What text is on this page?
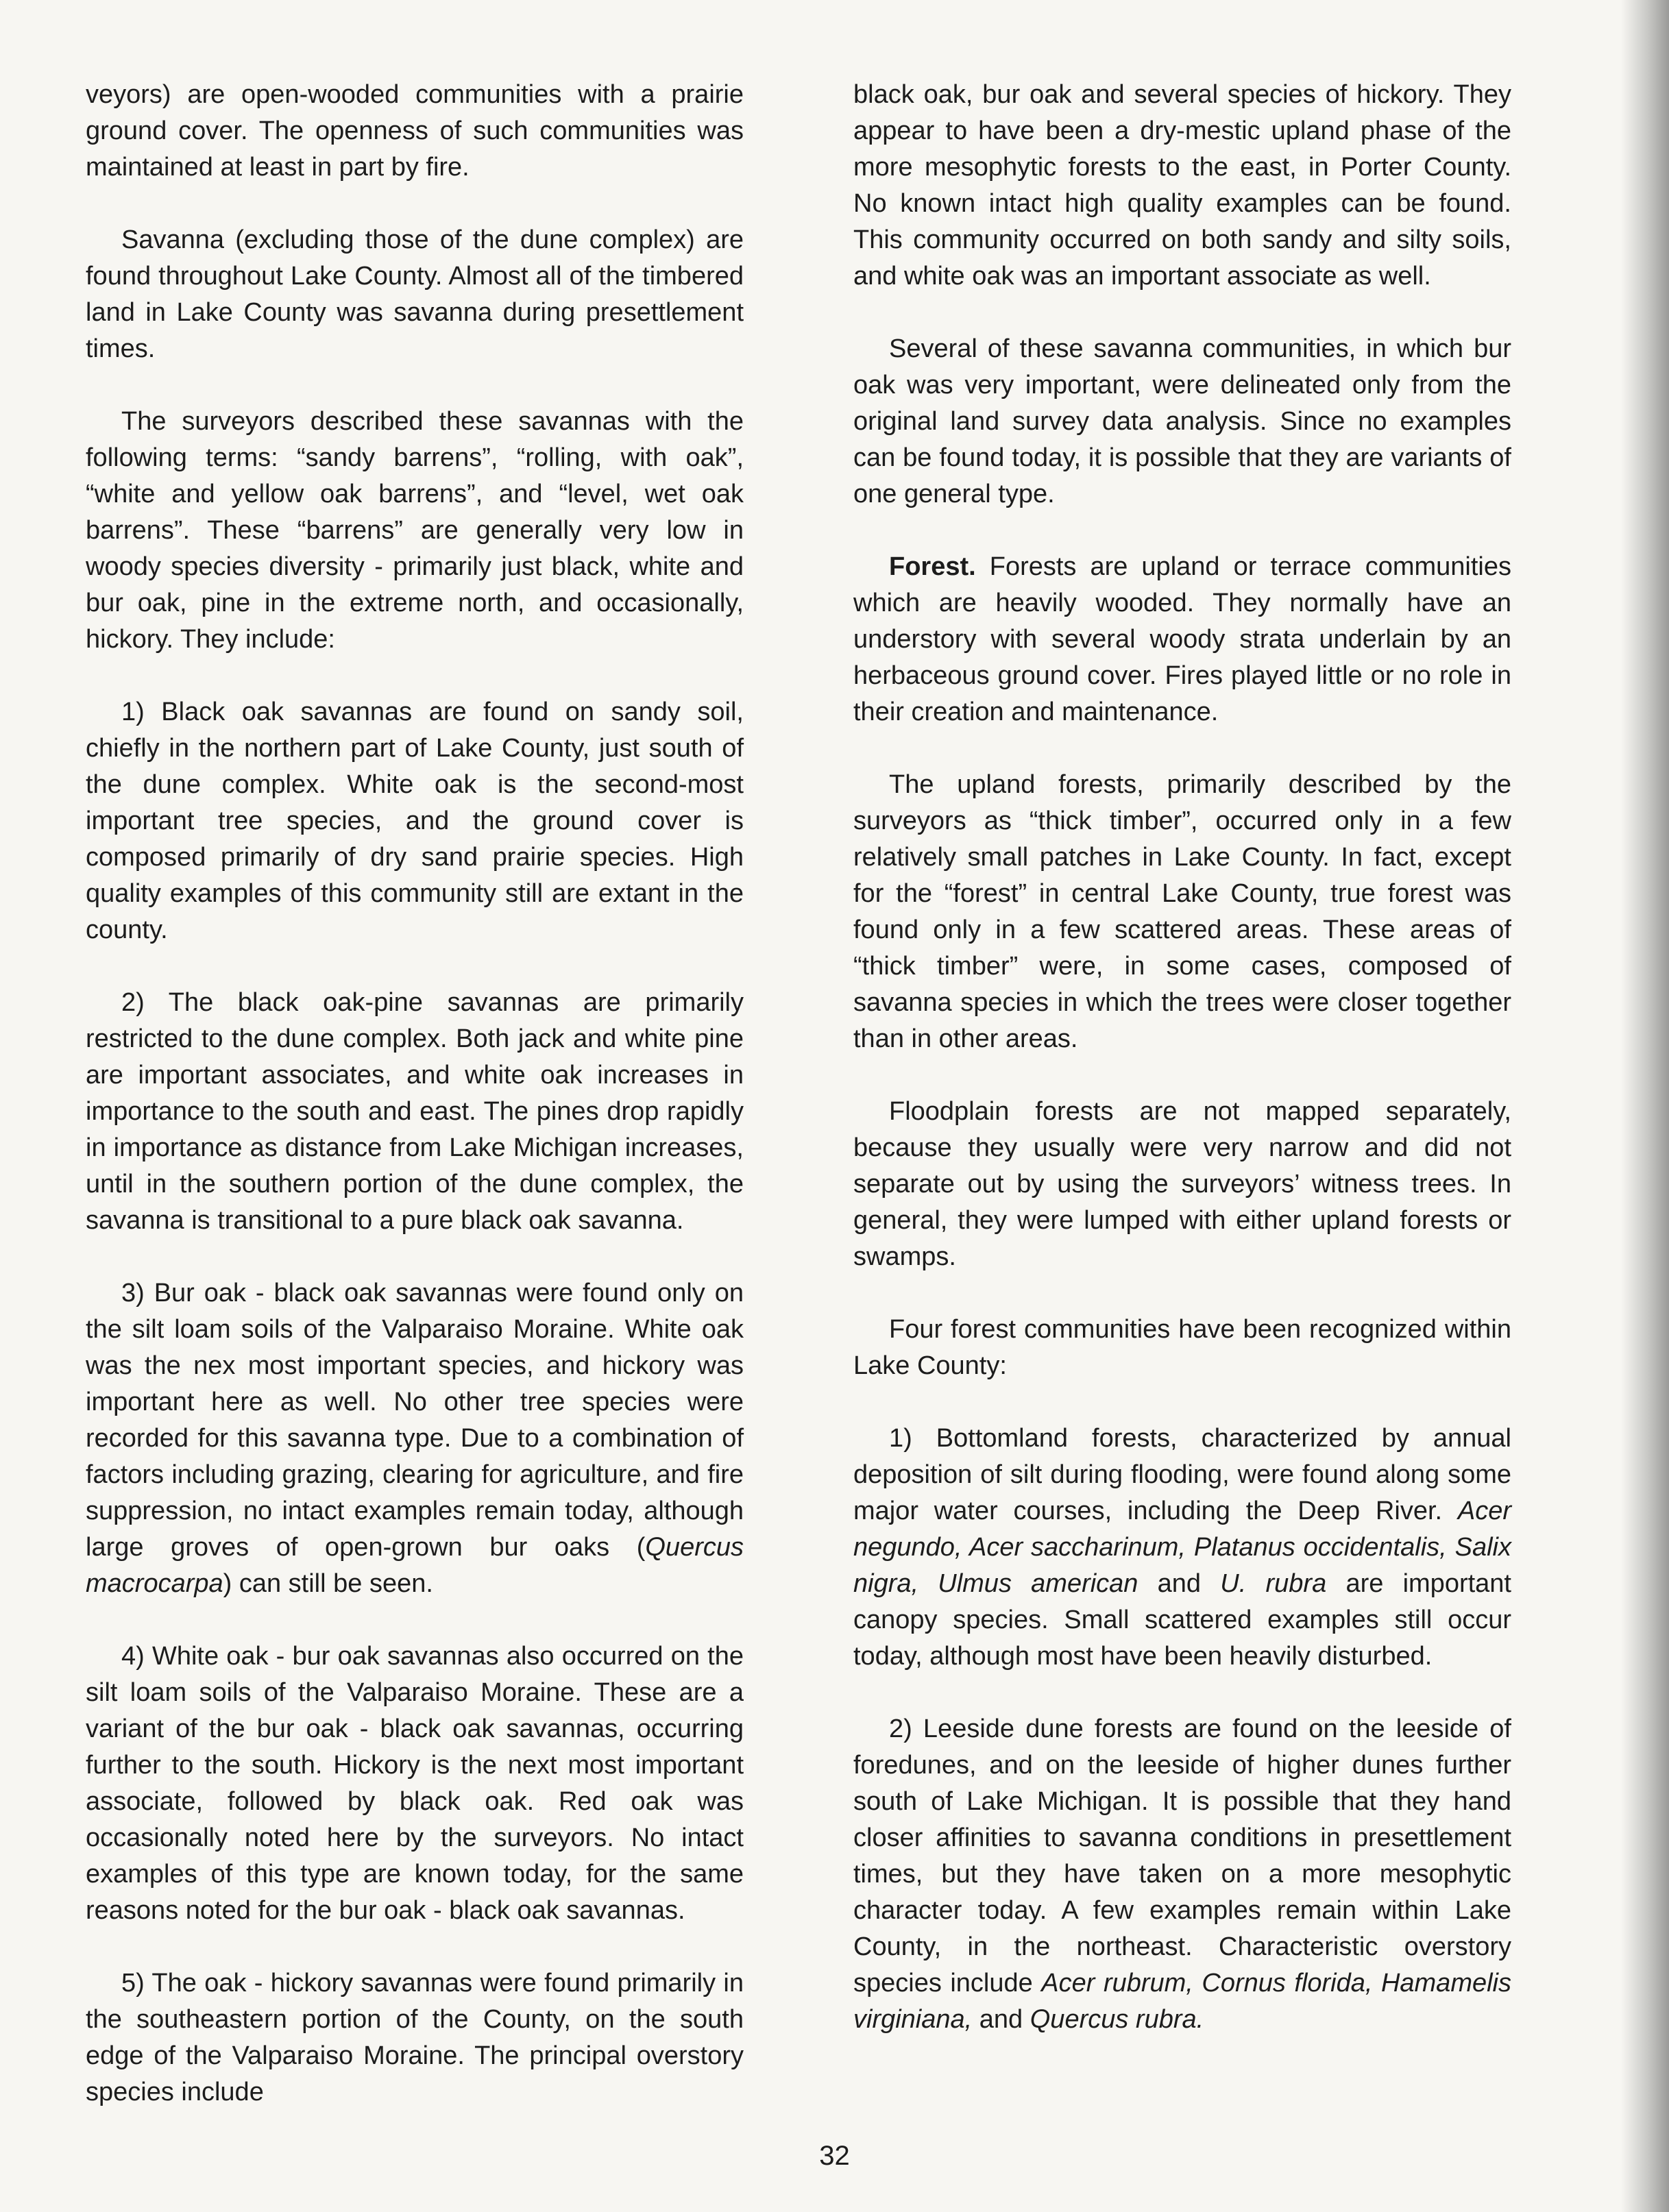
veyors) are open-wooded communities with a prairie ground cover. The openness of such communities was maintained at least in part by fire.

Savanna (excluding those of the dune complex) are found throughout Lake County. Almost all of the timbered land in Lake County was savanna during presettlement times.

The surveyors described these savannas with the following terms: “sandy barrens”, “rolling, with oak”, “white and yellow oak barrens”, and “level, wet oak barrens”. These “barrens” are generally very low in woody species diversity - primarily just black, white and bur oak, pine in the extreme north, and occasionally, hickory. They include:

1) Black oak savannas are found on sandy soil, chiefly in the northern part of Lake County, just south of the dune complex. White oak is the second-most important tree species, and the ground cover is composed primarily of dry sand prairie species. High quality examples of this community still are extant in the county.

2) The black oak-pine savannas are primarily restricted to the dune complex. Both jack and white pine are important associates, and white oak increases in importance to the south and east. The pines drop rapidly in importance as distance from Lake Michigan increases, until in the southern portion of the dune complex, the savanna is transitional to a pure black oak savanna.

3) Bur oak - black oak savannas were found only on the silt loam soils of the Valparaiso Moraine. White oak was the nex most important species, and hickory was important here as well. No other tree species were recorded for this savanna type. Due to a combination of factors including grazing, clearing for agriculture, and fire suppression, no intact examples remain today, although large groves of open-grown bur oaks (Quercus macrocarpa) can still be seen.

4) White oak - bur oak savannas also occurred on the silt loam soils of the Valparaiso Moraine. These are a variant of the bur oak - black oak savannas, occurring further to the south. Hickory is the next most important associate, followed by black oak. Red oak was occasionally noted here by the surveyors. No intact examples of this type are known today, for the same reasons noted for the bur oak - black oak savannas.

5) The oak - hickory savannas were found primarily in the southeastern portion of the County, on the south edge of the Valparaiso Moraine. The principal overstory species include

black oak, bur oak and several species of hickory. They appear to have been a dry-mestic upland phase of the more mesophytic forests to the east, in Porter County. No known intact high quality examples can be found. This community occurred on both sandy and silty soils, and white oak was an important associate as well.

Several of these savanna communities, in which bur oak was very important, were delineated only from the original land survey data analysis. Since no examples can be found today, it is possible that they are variants of one general type.

Forest. Forests are upland or terrace communities which are heavily wooded. They normally have an understory with several woody strata underlain by an herbaceous ground cover. Fires played little or no role in their creation and maintenance.

The upland forests, primarily described by the surveyors as “thick timber”, occurred only in a few relatively small patches in Lake County. In fact, except for the “forest” in central Lake County, true forest was found only in a few scattered areas. These areas of “thick timber” were, in some cases, composed of savanna species in which the trees were closer together than in other areas.

Floodplain forests are not mapped separately, because they usually were very narrow and did not separate out by using the surveyors’ witness trees. In general, they were lumped with either upland forests or swamps.

Four forest communities have been recognized within Lake County:

1) Bottomland forests, characterized by annual deposition of silt during flooding, were found along some major water courses, including the Deep River. Acer negundo, Acer saccharinum, Platanus occidentalis, Salix nigra, Ulmus american and U. rubra are important canopy species. Small scattered examples still occur today, although most have been heavily disturbed.

2) Leeside dune forests are found on the leeside of foredunes, and on the leeside of higher dunes further south of Lake Michigan. It is possible that they hand closer affinities to savanna conditions in presettlement times, but they have taken on a more mesophytic character today. A few examples remain within Lake County, in the northeast. Characteristic overstory species include Acer rubrum, Cornus florida, Hamamelis virginiana, and Quercus rubra.

32
